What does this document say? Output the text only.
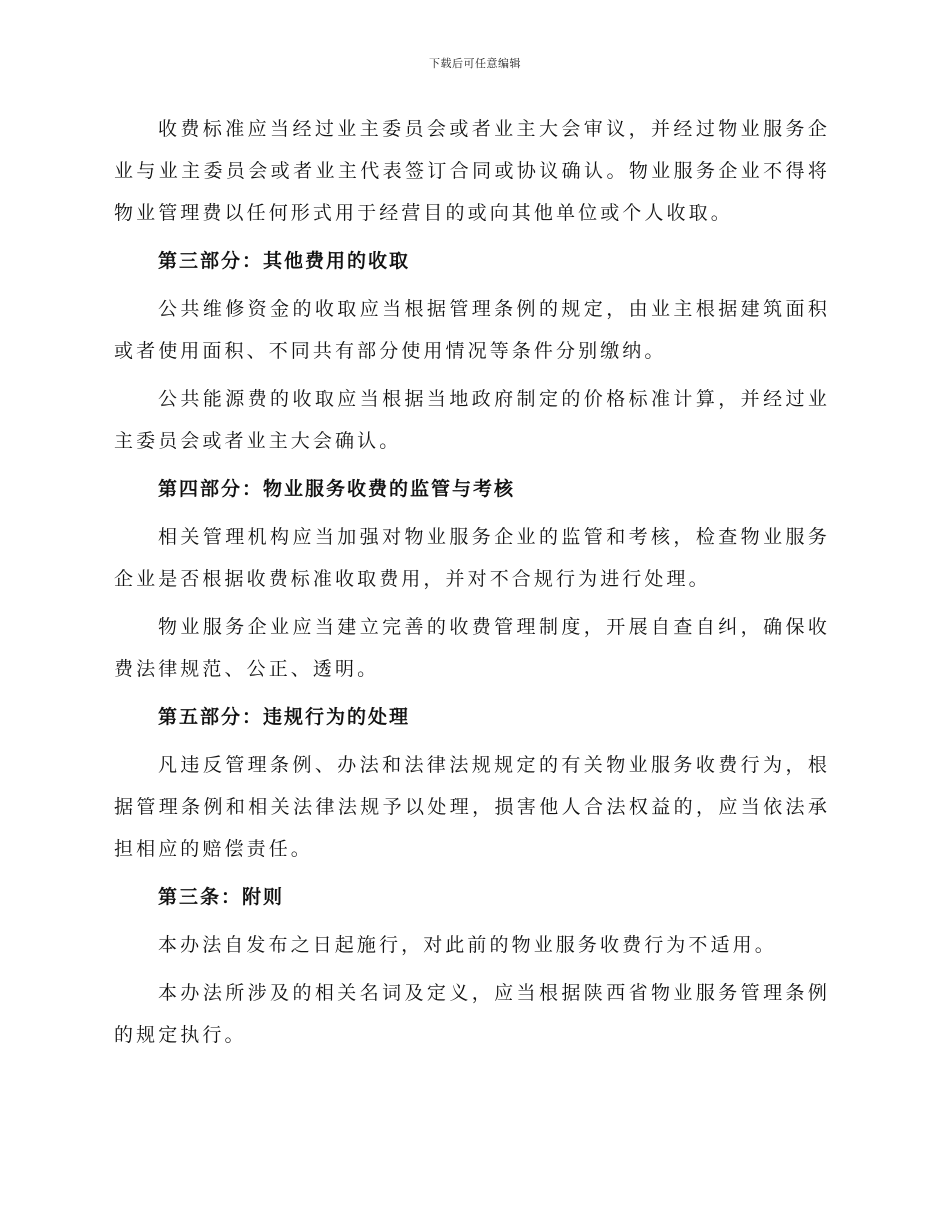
下载后可任意编辑

收费标准应当经过业主委员会或者业主大会审议，并经过物业服务企业与业主委员会或者业主代表签订合同或协议确认。物业服务企业不得将物业管理费以任何形式用于经营目的或向其他单位或个人收取。

第三部分：其他费用的收取

公共维修资金的收取应当根据管理条例的规定，由业主根据建筑面积或者使用面积、不同共有部分使用情况等条件分别缴纳。

公共能源费的收取应当根据当地政府制定的价格标准计算，并经过业主委员会或者业主大会确认。

第四部分：物业服务收费的监管与考核

相关管理机构应当加强对物业服务企业的监管和考核，检查物业服务企业是否根据收费标准收取费用，并对不合规行为进行处理。

物业服务企业应当建立完善的收费管理制度，开展自查自纠，确保收费法律规范、公正、透明。

第五部分：违规行为的处理

凡违反管理条例、办法和法律法规规定的有关物业服务收费行为，根据管理条例和相关法律法规予以处理，损害他人合法权益的，应当依法承担相应的赔偿责任。

第三条：附则

本办法自发布之日起施行，对此前的物业服务收费行为不适用。

本办法所涉及的相关名词及定义，应当根据陕西省物业服务管理条例的规定执行。
